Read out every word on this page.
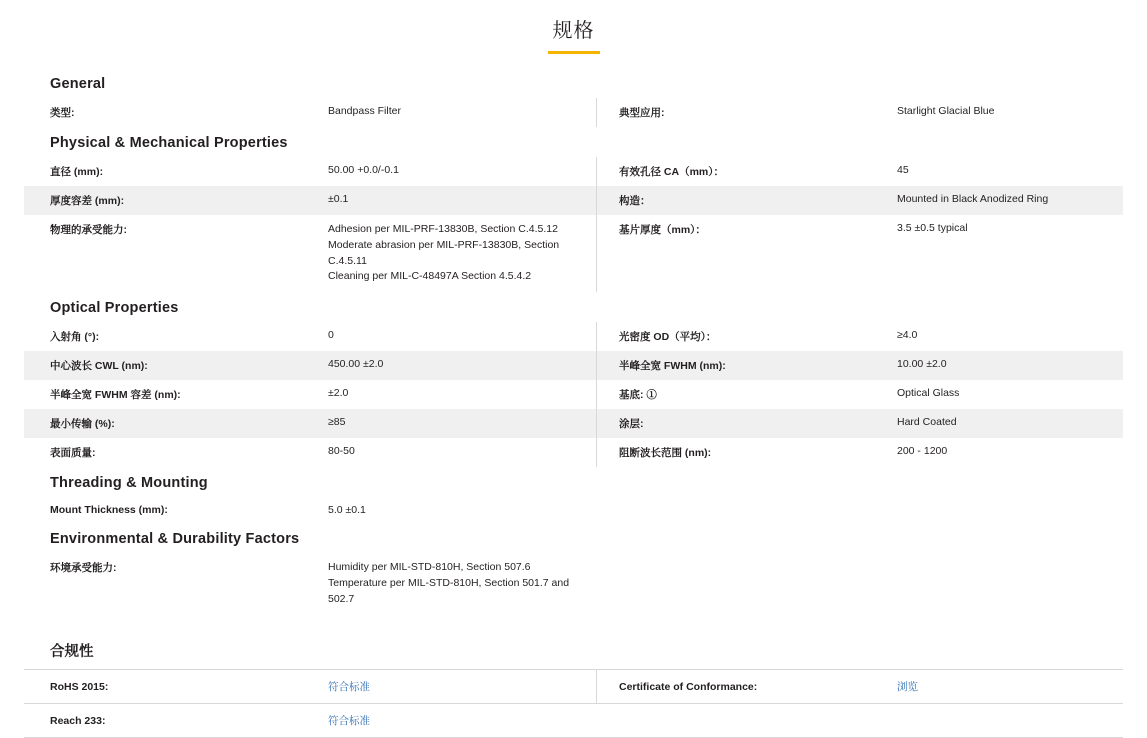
规格
General
类型:	Bandpass Filter	典型应用:	Starlight Glacial Blue
Physical & Mechanical Properties
直径 (mm):	50.00 +0.0/-0.1	有效孔径 CA（mm）：	45
厚度容差 (mm):	±0.1	构造：	Mounted in Black Anodized Ring
物理的承受能力:	Adhesion per MIL-PRF-13830B, Section C.4.5.12
Moderate abrasion per MIL-PRF-13830B, Section C.4.5.11
Cleaning per MIL-C-48497A Section 4.5.4.2	基片厚度（mm）：	3.5 ±0.5 typical
Optical Properties
入射角 (°):	0	光密度 OD（平均）：	≥4.0
中心波长 CWL (nm):	450.00 ±2.0	半峰全宽 FWHM (nm):	10.00 ±2.0
半峰全宽 FWHM 容差 (nm):	±2.0	基底: ①	Optical Glass
最小传输 (%):	≥85	涂层:	Hard Coated
表面质量:	80-50	阻断波长范围 (nm):	200 - 1200
Threading & Mounting
Mount Thickness (mm):	5.0 ±0.1		
Environmental & Durability Factors
环境承受能力:	Humidity per MIL-STD-810H, Section 507.6
Temperature per MIL-STD-810H, Section 501.7 and 502.7		
合规性
RoHS 2015:	符合标准	Certificate of Conformance:	浏览
Reach 233:	符合标准		
